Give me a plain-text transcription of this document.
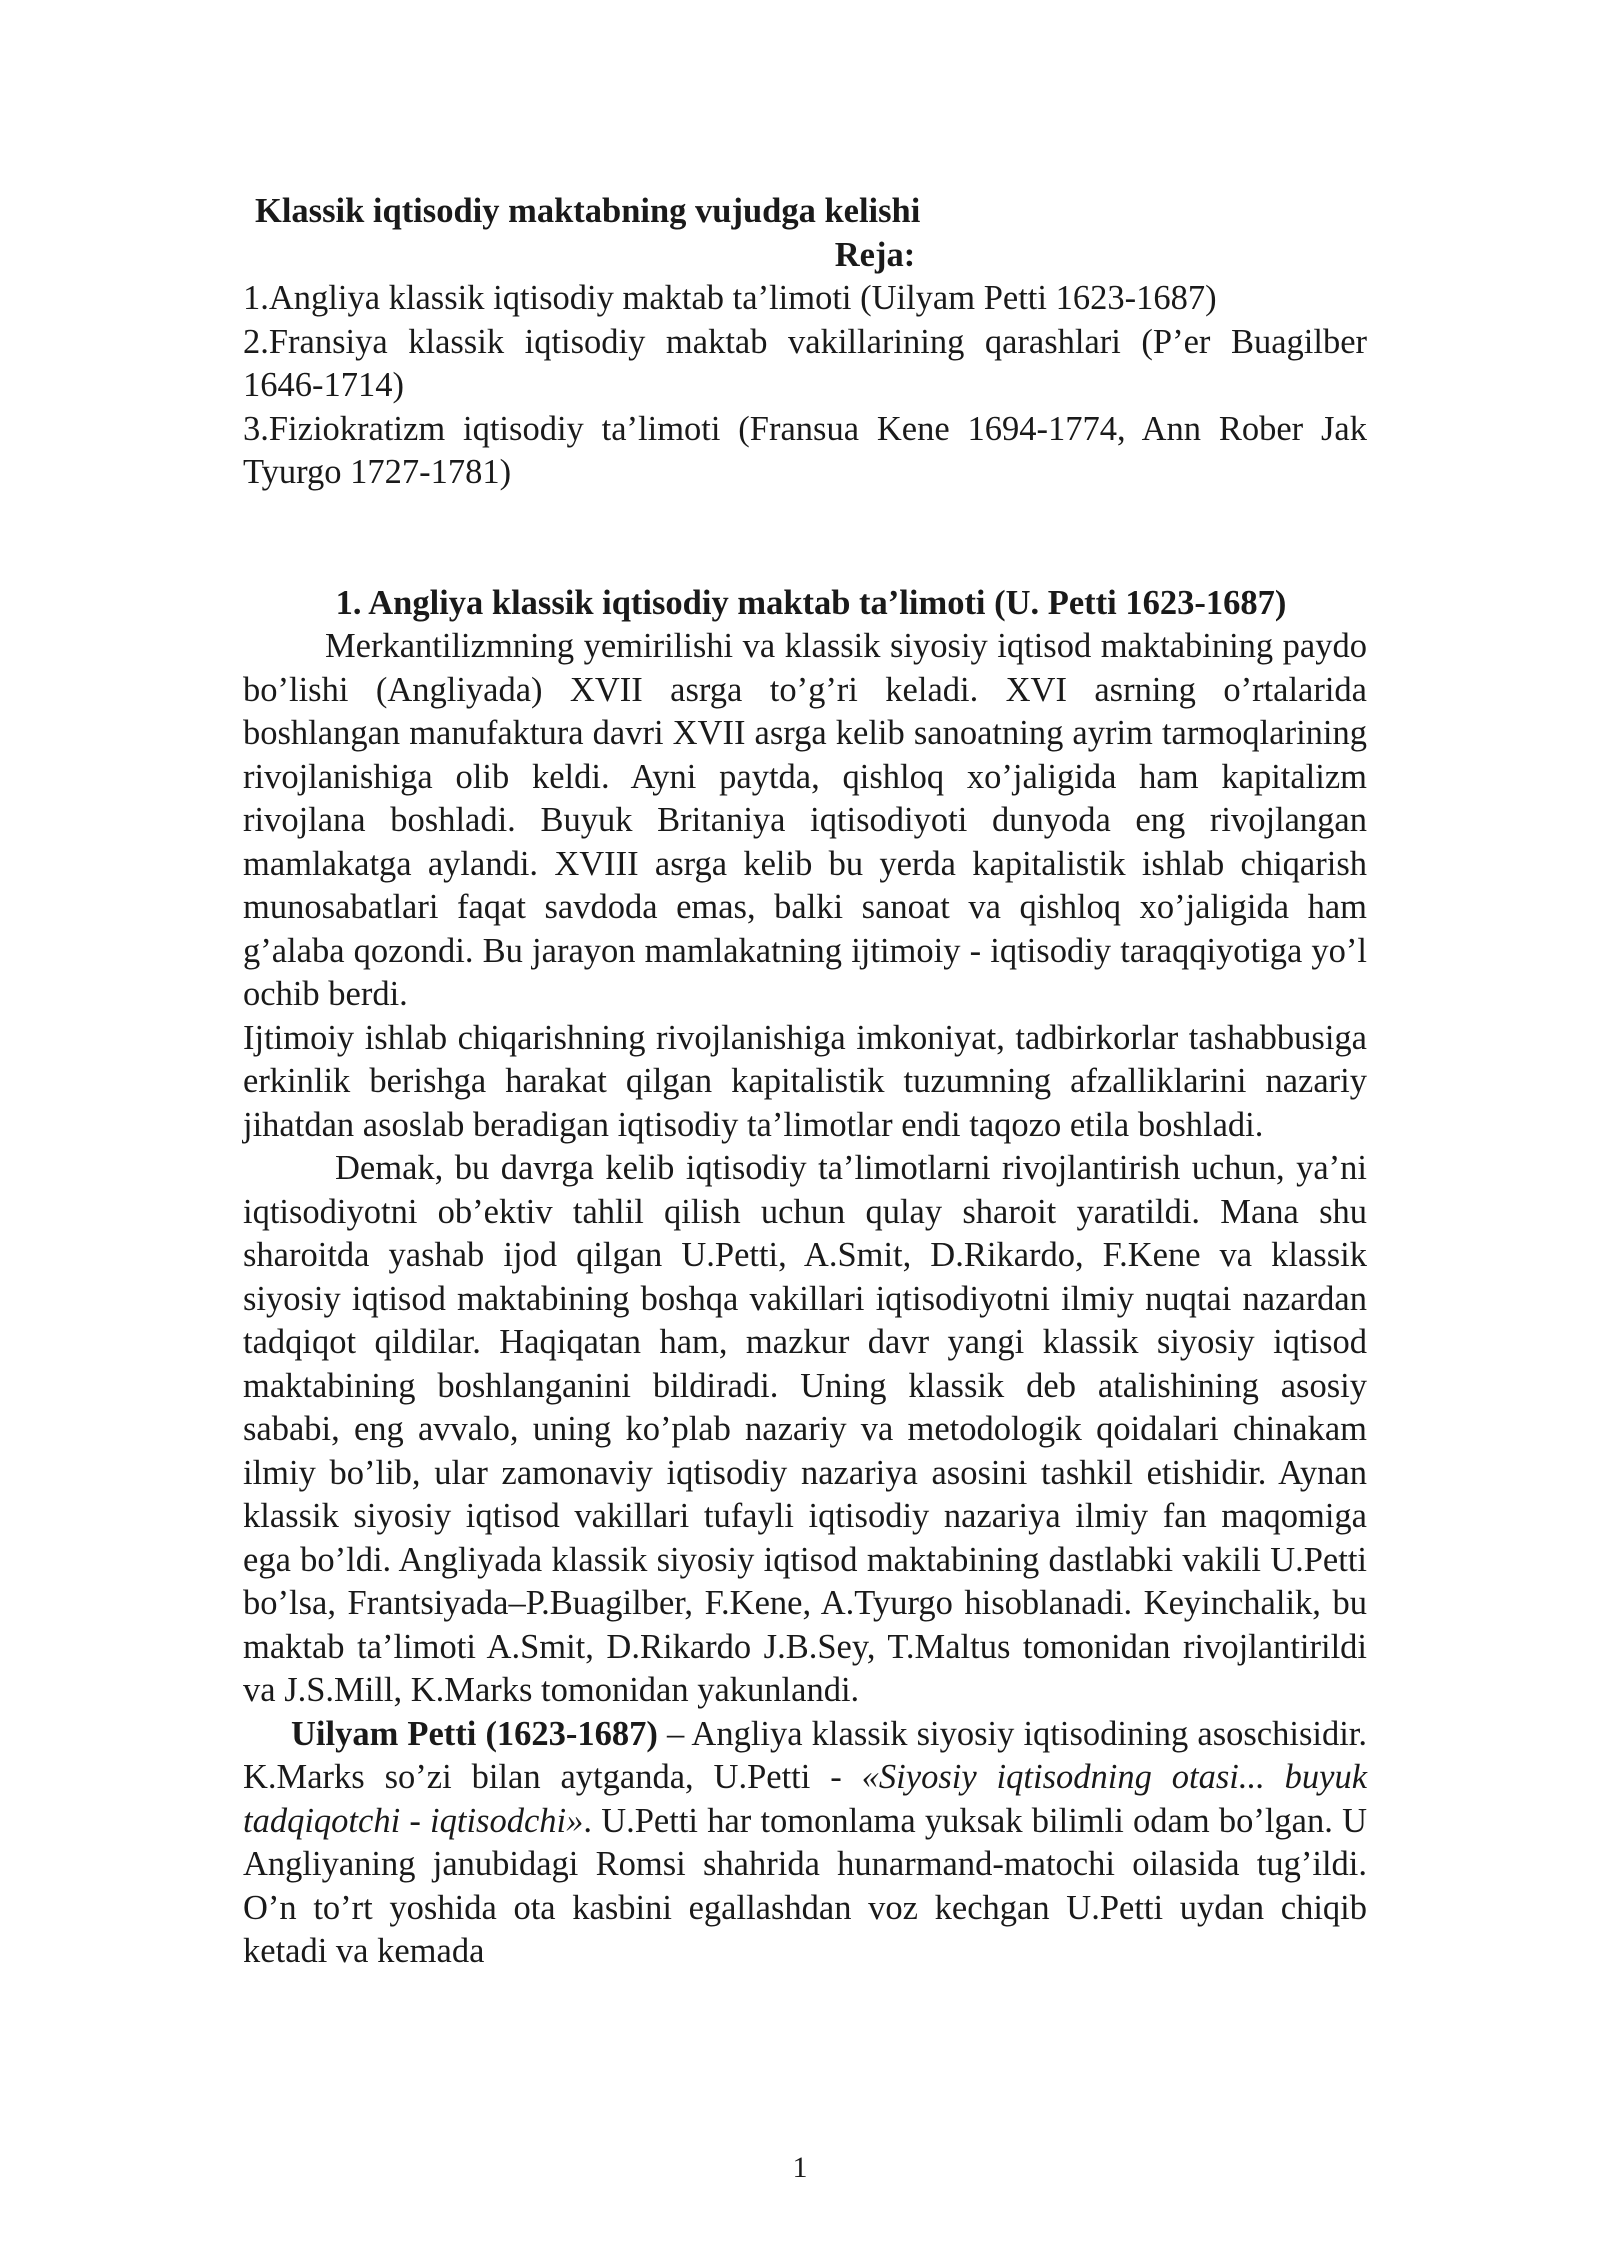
Klassik iqtisodiy maktabning vujudga kelishi
Reja:
1.Angliya klassik iqtisodiy maktab ta’limoti (Uilyam Petti 1623-1687)
2.Fransiya klassik iqtisodiy maktab vakillarining qarashlari (P’er Buagilber 1646-1714)
3.Fiziokratizm iqtisodiy ta’limoti (Fransua Kene 1694-1774, Ann Rober Jak Tyurgo 1727-1781)
1. Angliya klassik iqtisodiy maktab ta’limoti (U. Petti 1623-1687)

Merkantilizmning yemirilishi va klassik siyosiy iqtisod maktabining paydo bo’lishi (Angliyada) XVII asrga to’g’ri keladi. XVI asrning o’rtalarida boshlangan manufaktura davri XVII asrga kelib sanoatning ayrim tarmoqlarining rivojlanishiga olib keldi. Ayni paytda, qishloq xo’jaligida ham kapitalizm rivojlana boshladi. Buyuk Britaniya iqtisodiyoti dunyoda eng rivojlangan mamlakatga aylandi. XVIII asrga kelib bu yerda kapitalistik ishlab chiqarish munosabatlari faqat savdoda emas, balki sanoat va qishloq xo’jaligida ham g’alaba qozondi. Bu jarayon mamlakatning ijtimoiy - iqtisodiy taraqqiyotiga yo’l ochib berdi.

Ijtimoiy ishlab chiqarishning rivojlanishiga imkoniyat, tadbirkorlar tashabbusiga erkinlik berishga harakat qilgan kapitalistik tuzumning afzalliklarini nazariy jihatdan asoslab beradigan iqtisodiy ta’limotlar endi taqozo etila boshladi.

Demak, bu davrga kelib iqtisodiy ta’limotlarni rivojlantirish uchun, ya’ni iqtisodiyotni ob’ektiv tahlil qilish uchun qulay sharoit yaratildi. Mana shu sharoitda yashab ijod qilgan U.Petti, A.Smit, D.Rikardo, F.Kene va klassik siyosiy iqtisod maktabining boshqa vakillari iqtisodiyotni ilmiy nuqtai nazardan tadqiqot qildilar. Haqiqatan ham, mazkur davr yangi klassik siyosiy iqtisod maktabining boshlanganini bildiradi. Uning klassik deb atalishining asosiy sababi, eng avvalo, uning ko’plab nazariy va metodologik qoidalari chinakam ilmiy bo’lib, ular zamonaviy iqtisodiy nazariya asosini tashkil etishidir. Aynan klassik siyosiy iqtisod vakillari tufayli iqtisodiy nazariya ilmiy fan maqomiga ega bo’ldi. Angliyada klassik siyosiy iqtisod maktabining dastlabki vakili U.Petti bo’lsa, Frantsiyada–P.Buagilber, F.Kene, A.Tyurgo hisoblanadi. Keyinchalik, bu maktab ta’limoti A.Smit, D.Rikardo J.B.Sey, T.Maltus tomonidan rivojlantirildi va J.S.Mill, K.Marks tomonidan yakunlandi.

Uilyam Petti (1623-1687) – Angliya klassik siyosiy iqtisodining asoschisidir. K.Marks so’zi bilan aytganda, U.Petti - «Siyosiy iqtisodning otasi... buyuk tadqiqotchi - iqtisodchi». U.Petti har tomonlama yuksak bilimli odam bo’lgan. U Angliyaning janubidagi Romsi shahrida hunarmand-matochi oilasida tug’ildi. O’n to’rt yoshida ota kasbini egallashdan voz kechgan U.Petti uydan chiqib ketadi va kemada

1
